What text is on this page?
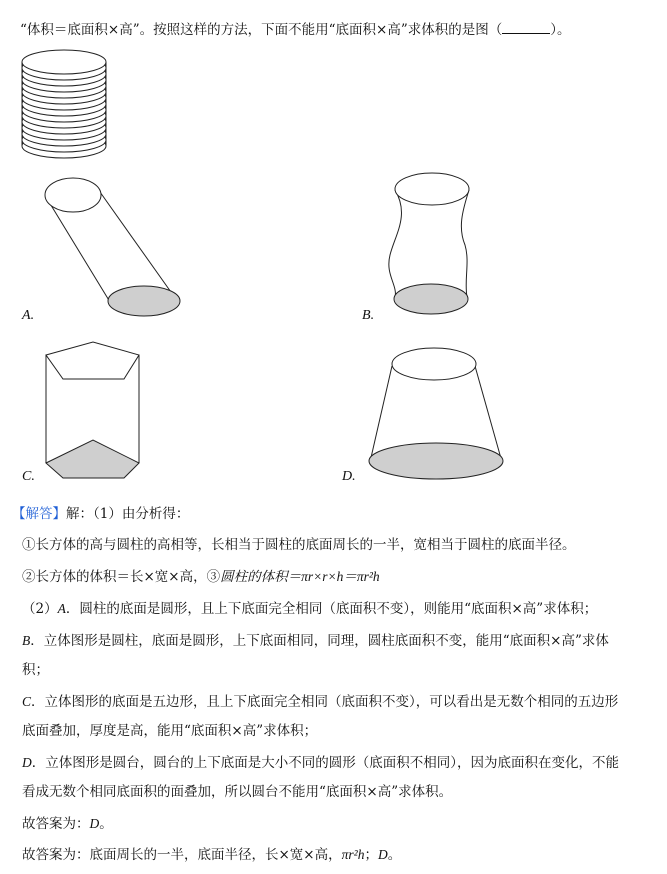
“体积＝底面积×高”。按照这样的方法，下面不能用“底面积×高”求体积的是图（	）。
A.	B.
C.	D.
【解答】解：（1）由分析得：
①长方体的高与圆柱的高相等，长相当于圆柱的底面周长的一半，宽相当于圆柱的底面半径。
②长方体的体积＝长×宽×高，③圆柱的体积＝πr×r×h＝πr²h
（2）A．圆柱的底面是圆形，且上下底面完全相同（底面积不变），则能用“底面积×高”求体积；
B．立体图形是圆柱，底面是圆形，上下底面相同，同理，圆柱底面积不变，能用“底面积×高”求体
积；
C．立体图形的底面是五边形，且上下底面完全相同（底面积不变），可以看出是无数个相同的五边形
底面叠加，厚度是高，能用“底面积×高”求体积；
D．立体图形是圆台，圆台的上下底面是大小不同的圆形（底面积不相同），因为底面积在变化，不能
看成无数个相同底面积的面叠加，所以圆台不能用“底面积×高”求体积。
故答案为：D。
故答案为：底面周长的一半，底面半径，长×宽×高，πr²h；D。
